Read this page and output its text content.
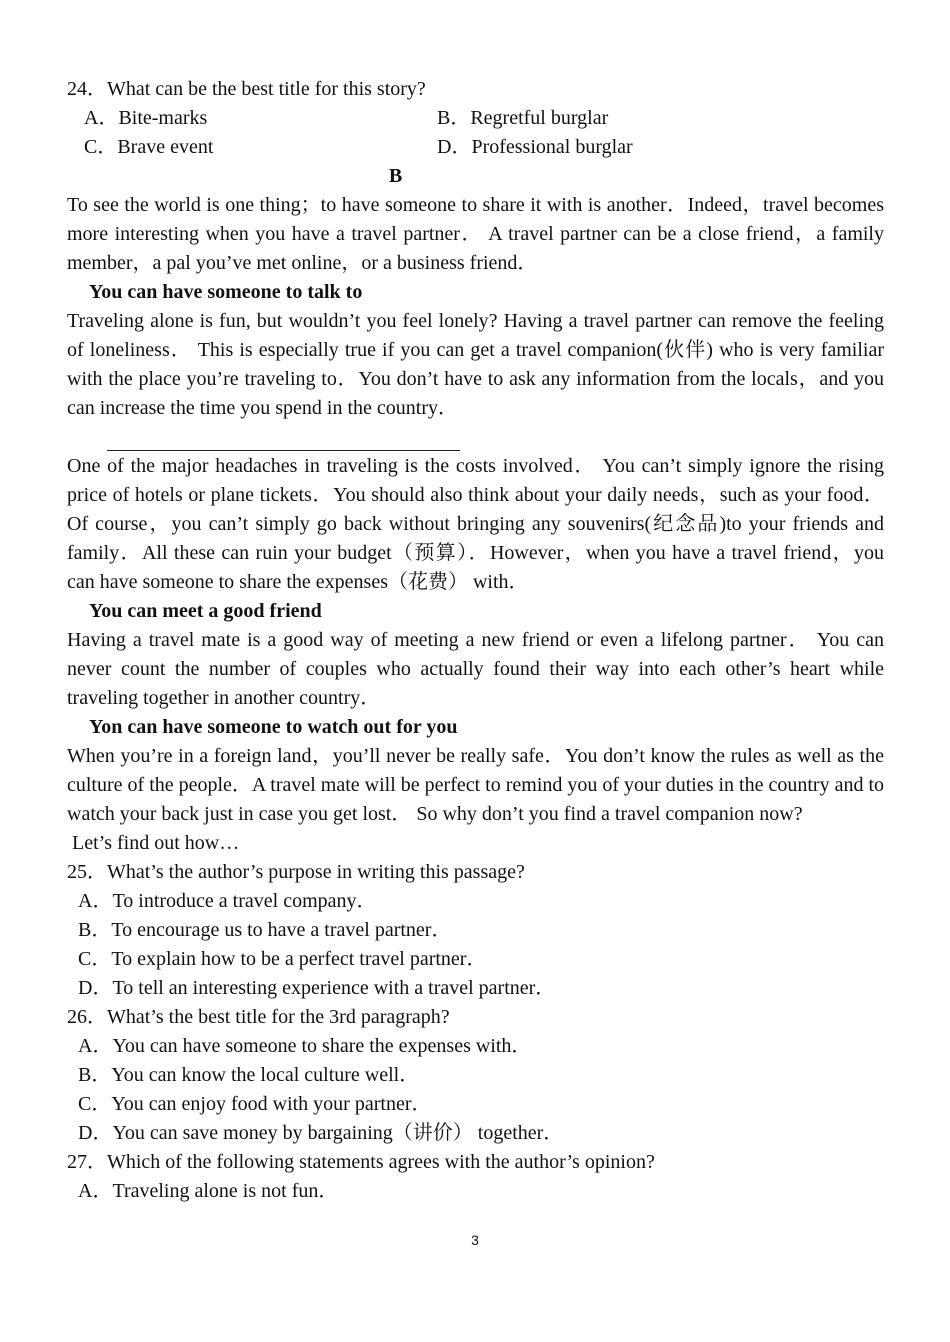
24．What can be the best title for this story?
A．Bite-marks	B．Regretful burglar
C．Brave event	D．Professional burglar
B
To see the world is one thing；to have someone to share it with is another．Indeed，travel becomes more interesting when you have a travel partner． A travel partner can be a close friend，a family member，a pal you’ve met online，or a business friend．
You can have someone to talk to
Traveling alone is fun, but wouldn’t you feel lonely? Having a travel partner can remove the feeling of loneliness． This is especially true if you can get a travel companion(伙伴) who is very familiar with the place you’re traveling to．You don’t have to ask any information from the locals，and you can increase the time you spend in the country．
One of the major headaches in traveling is the costs involved． You can’t simply ignore the rising price of hotels or plane tickets．You should also think about your daily needs，such as your food．Of course，you can’t simply go back without bringing any souvenirs(纪念品)to your friends and family．All these can ruin your budget（预算）．However，when you have a travel friend，you can have someone to share the expenses（花费） with．
You can meet a good friend
Having a travel mate is a good way of meeting a new friend or even a lifelong partner． You can never count the number of couples who actually found their way into each other’s heart while traveling together in another country．
Yon can have someone to watch out for you
When you’re in a foreign land，you’ll never be really safe．You don’t know the rules as well as the culture of the people．A travel mate will be perfect to remind you of your duties in the country and to watch your back just in case you get lost． So why don’t you find a travel companion now?
Let’s find out how…
25．What’s the author’s purpose in writing this passage?
A．To introduce a travel company．
B．To encourage us to have a travel partner．
C．To explain how to be a perfect travel partner．
D．To tell an interesting experience with a travel partner．
26．What’s the best title for the 3rd paragraph?
A．You can have someone to share the expenses with．
B．You can know the local culture well．
C．You can enjoy food with your partner．
D．You can save money by bargaining（讲价） together．
27．Which of the following statements agrees with the author’s opinion?
A．Traveling alone is not fun．
3
